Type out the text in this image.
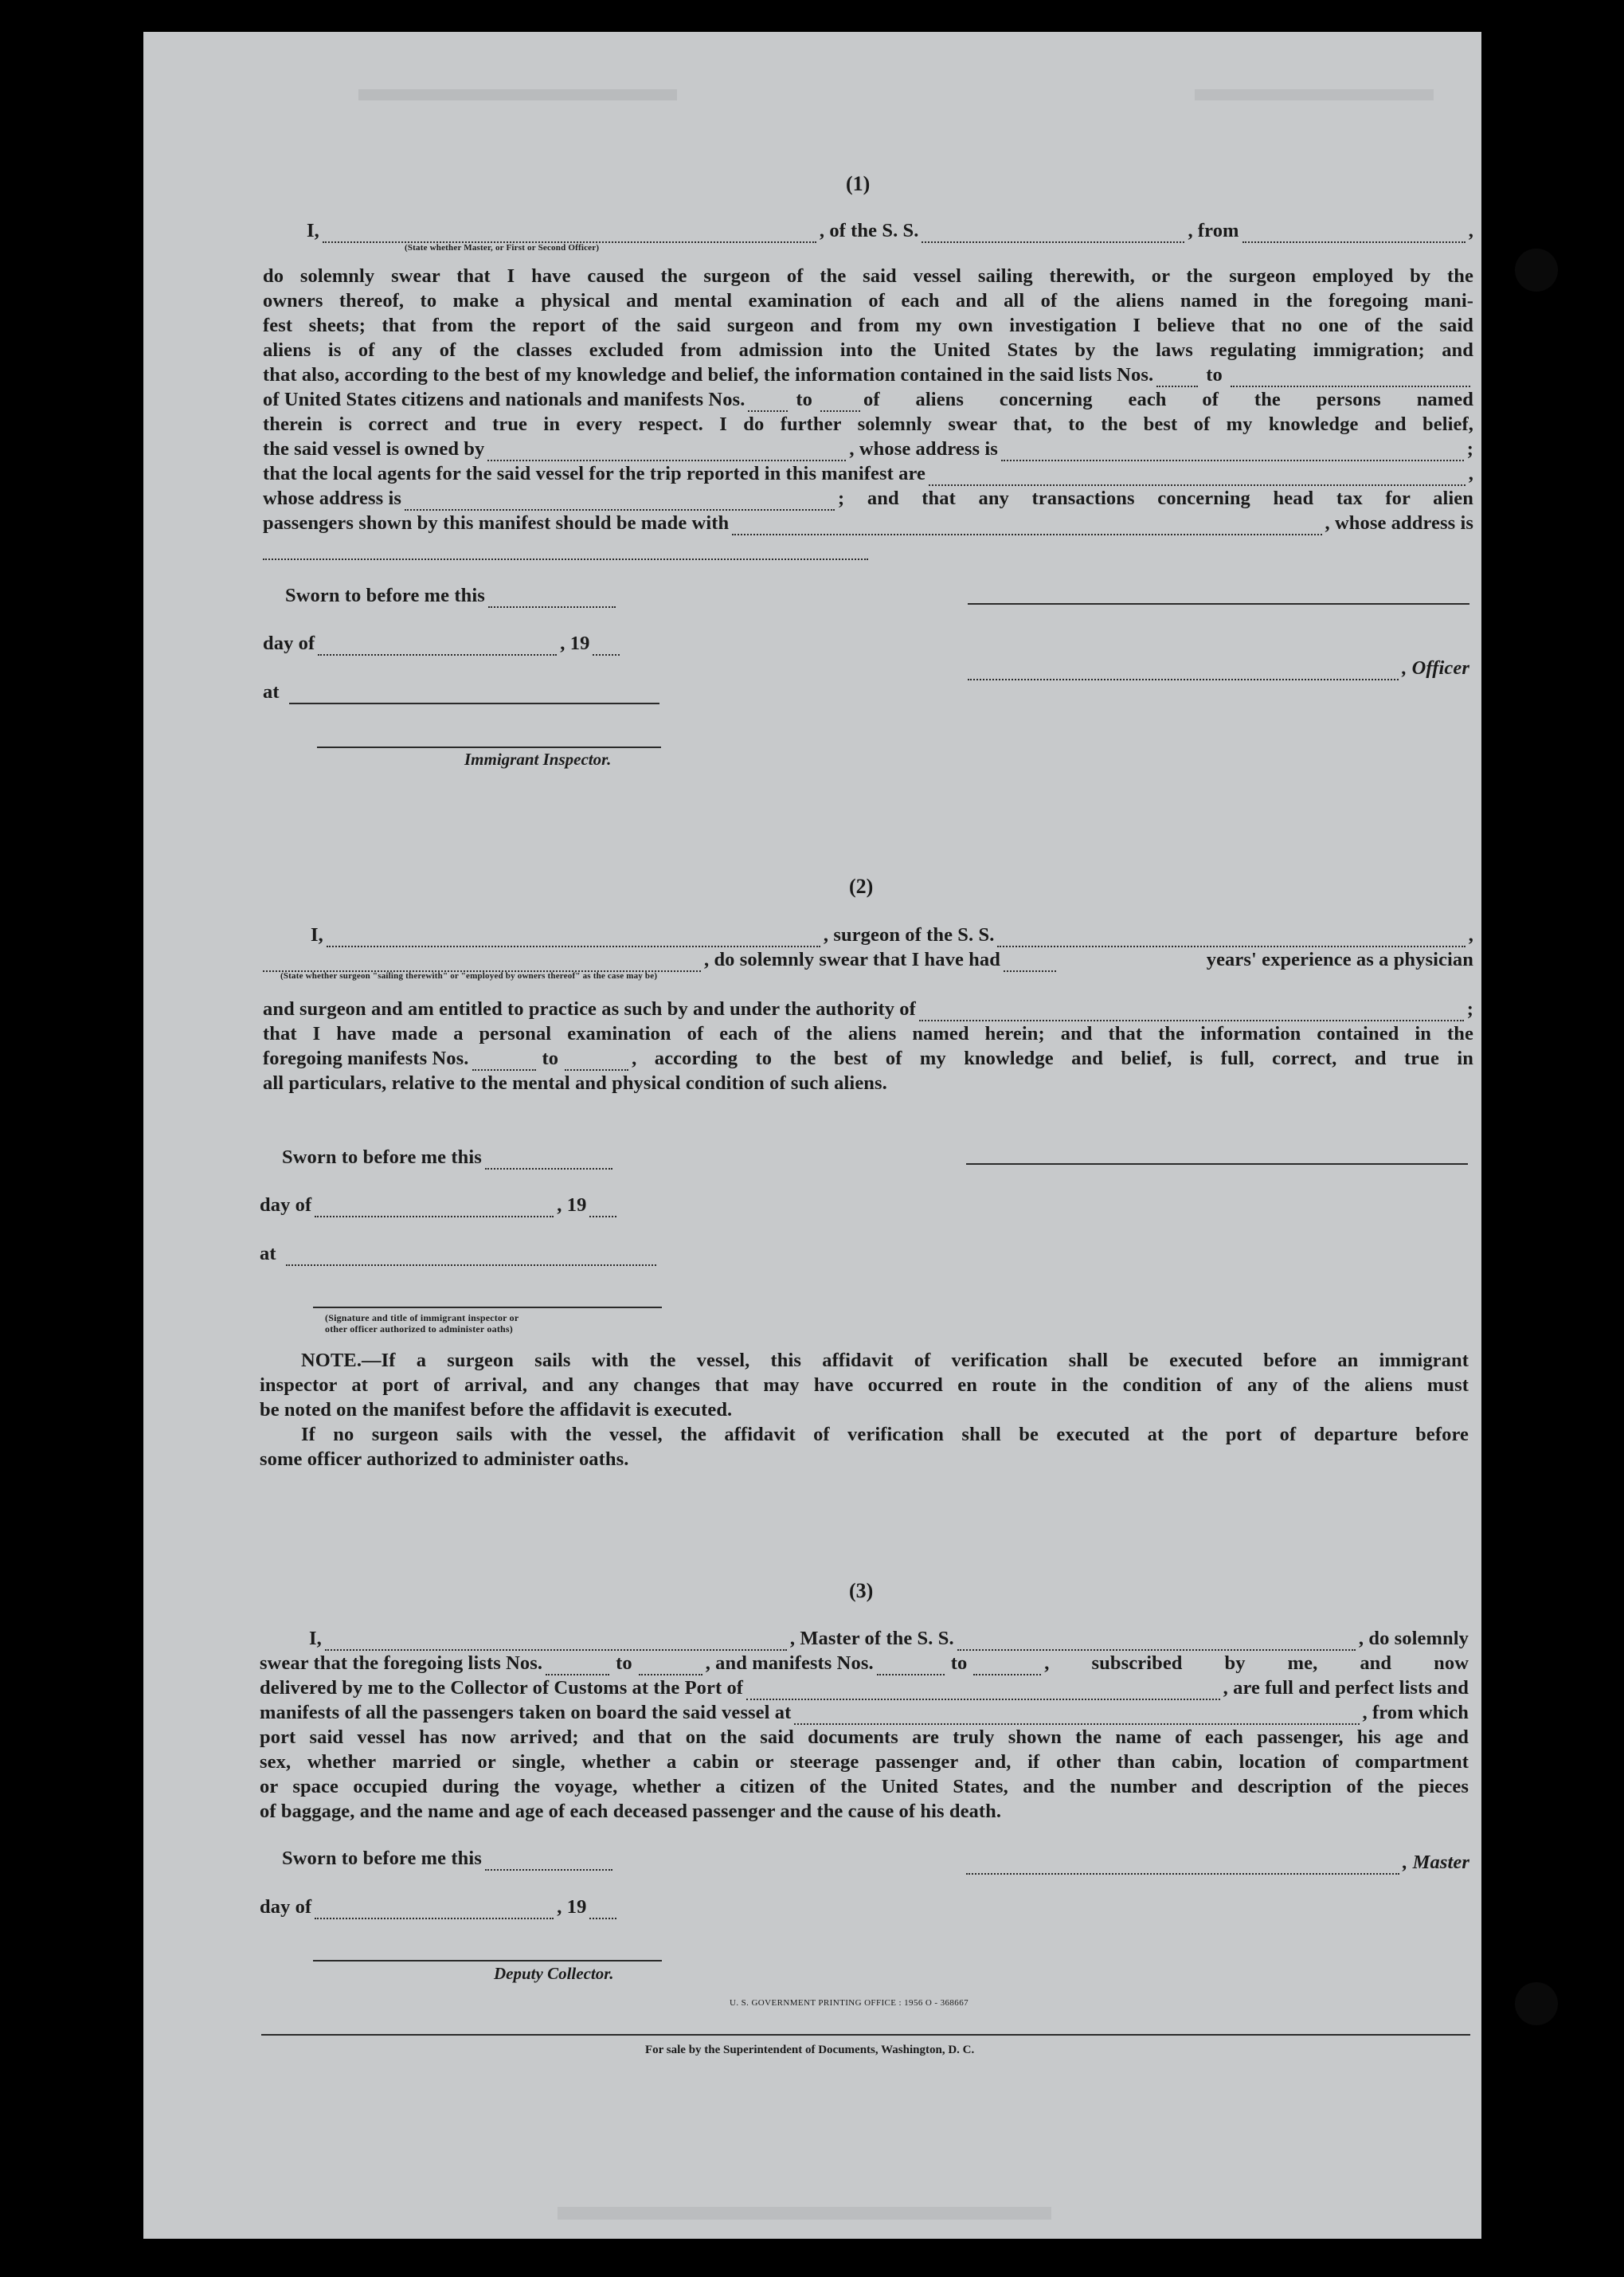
(1)
I,	, of the S. S.	, from	,
(State whether Master, or First or Second Officer)
do solemnly swear that I have caused the surgeon of the said vessel sailing therewith, or the surgeon employed by the
owners thereof, to make a physical and mental examination of each and all of the aliens named in the foregoing mani-
fest sheets; that from the report of the said surgeon and from my own investigation I believe that no one of the said
aliens is of any of the classes excluded from admission into the United States by the laws regulating immigration; and
that also, according to the best of my knowledge and belief, the information contained in the said lists Nos.	to
of United States citizens and nationals and manifests Nos.	to	of aliens concerning each of the persons named
therein is correct and true in every respect. I do further solemnly swear that, to the best of my knowledge and belief,
the said vessel is owned by	, whose address is	;
that the local agents for the said vessel for the trip reported in this manifest are	,
whose address is	; and that any transactions concerning head tax for alien
passengers shown by this manifest should be made with	, whose address is
Sworn to before me this
day of	, 19
at
Immigrant Inspector.
, Officer
(2)
I,	, surgeon of the S. S.	,
, do solemnly swear that I have had	years' experience as a physician
(State whether surgeon "sailing therewith" or "employed by owners thereof" as the case may be)
and surgeon and am entitled to practice as such by and under the authority of	;
that I have made a personal examination of each of the aliens named herein; and that the information contained in the
foregoing manifests Nos.	to	, according to the best of my knowledge and belief, is full, correct, and true in
all particulars, relative to the mental and physical condition of such aliens.
Sworn to before me this
day of	, 19
at
(Signature and title of immigrant inspector or
other officer authorized to administer oaths)
NOTE.—If a surgeon sails with the vessel, this affidavit of verification shall be executed before an immigrant
inspector at port of arrival, and any changes that may have occurred en route in the condition of any of the aliens must
be noted on the manifest before the affidavit is executed.
If no surgeon sails with the vessel, the affidavit of verification shall be executed at the port of departure before
some officer authorized to administer oaths.
(3)
I,	, Master of the S. S.	, do solemnly
swear that the foregoing lists Nos.	to	, and manifests Nos.	to	, subscribed by me, and now
delivered by me to the Collector of Customs at the Port of	, are full and perfect lists and
manifests of all the passengers taken on board the said vessel at	, from which
port said vessel has now arrived; and that on the said documents are truly shown the name of each passenger, his age and
sex, whether married or single, whether a cabin or steerage passenger and, if other than cabin, location of compartment
or space occupied during the voyage, whether a citizen of the United States, and the number and description of the pieces
of baggage, and the name and age of each deceased passenger and the cause of his death.
Sworn to before me this
day of	, 19
, Master
Deputy Collector.
U. S. GOVERNMENT PRINTING OFFICE : 1956 O - 368667
For sale by the Superintendent of Documents, Washington, D. C.
